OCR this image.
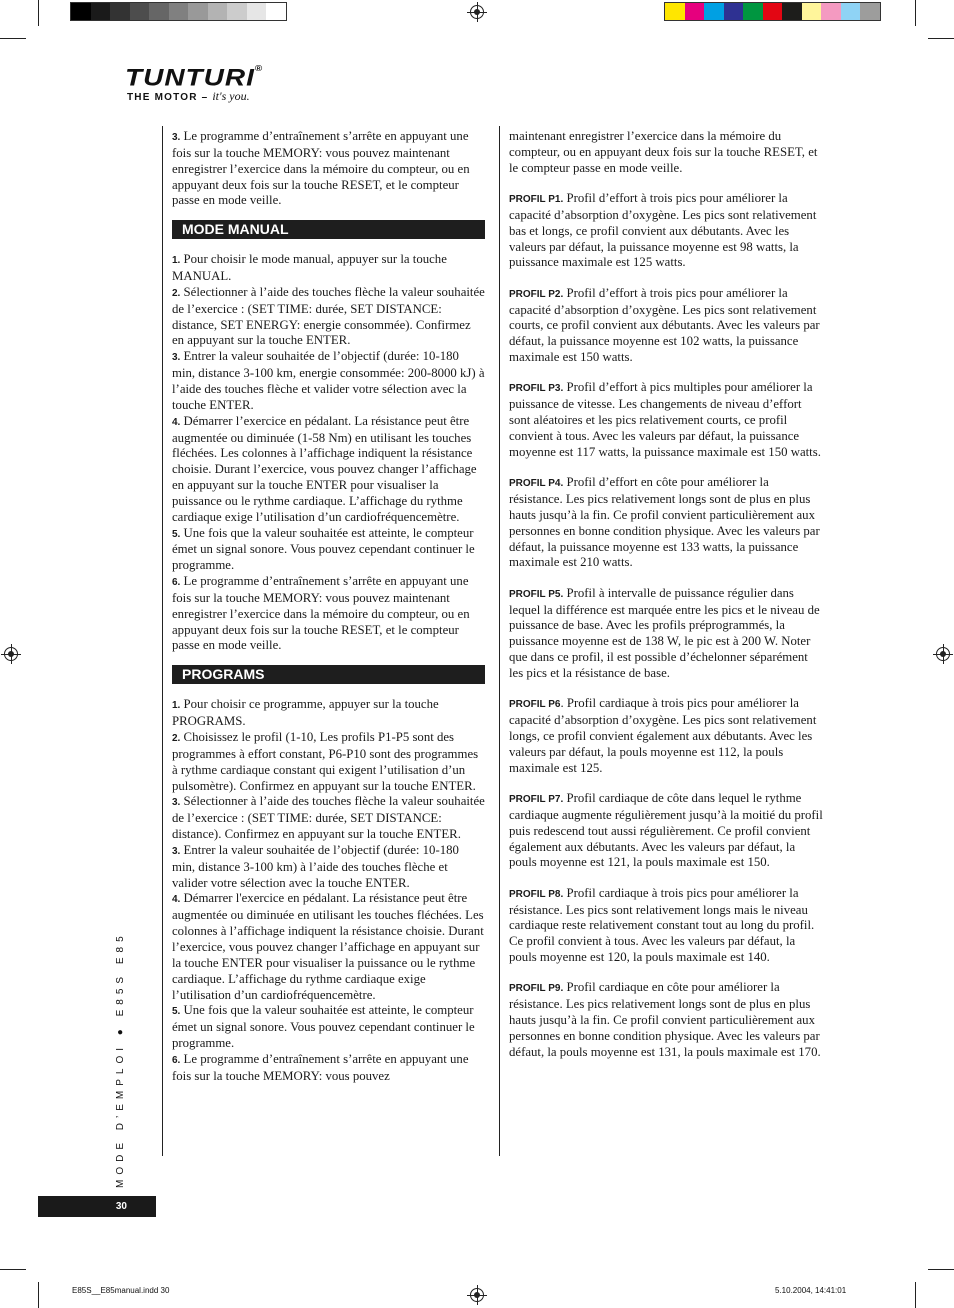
TUNTURI®
THE MOTOR – it's you.

3. Le programme d’entraînement s’arrête en appuyant une fois sur la touche MEMORY: vous pouvez maintenant enregistrer l’exercice dans la mémoire du compteur, ou en appuyant deux fois sur la touche RESET, et le compteur passe en mode veille.

MODE MANUAL

1. Pour choisir le mode manual, appuyer sur la touche MANUAL.

2. Sélectionner à l’aide des touches flèche la valeur souhaitée de l’exercice : (SET TIME: durée, SET DISTANCE: distance, SET ENERGY: energie consommée). Confirmez en appuyant sur la touche ENTER.

3. Entrer la valeur souhaitée de l’objectif (durée: 10-180 min, distance 3-100 km, energie consommée: 200-8000 kJ) à l’aide des touches flèche et valider votre sélection avec la touche ENTER.

4. Démarrer l’exercice en pédalant. La résistance peut être augmentée ou diminuée (1-58 Nm) en utilisant les touches fléchées. Les colonnes à l’affichage indiquent la résistance choisie. Durant l’exercice, vous pouvez changer l’affichage en appuyant sur la touche ENTER pour visualiser la puissance ou le rythme cardiaque. L’affichage du rythme cardiaque exige l’utilisation d’un cardiofréquencemètre.

5. Une fois que la valeur souhaitée est atteinte, le compteur émet un signal sonore. Vous pouvez cependant continuer le programme.

6. Le programme d’entraînement s’arrête en appuyant une fois sur la touche MEMORY: vous pouvez maintenant enregistrer l’exercice dans la mémoire du compteur, ou en appuyant deux fois sur la touche RESET, et le compteur passe en mode veille.

PROGRAMS

1. Pour choisir ce programme, appuyer sur la touche PROGRAMS.

2. Choisissez le profil (1-10, Les profils P1-P5 sont des programmes à effort constant, P6-P10 sont des programmes à rythme cardiaque constant qui exigent l’utilisation d’un pulsomètre). Confirmez en appuyant sur la touche ENTER.

3. Sélectionner à l’aide des touches flèche la valeur souhaitée de l’exercice : (SET TIME: durée, SET DISTANCE: distance). Confirmez en appuyant sur la touche ENTER.

3. Entrer la valeur souhaitée de l’objectif (durée: 10-180 min, distance 3-100 km) à l’aide des touches flèche et valider votre sélection avec la touche ENTER.

4. Démarrer l'exercice en pédalant. La résistance peut être augmentée ou diminuée en utilisant les touches fléchées. Les colonnes à l’affichage indiquent la résistance choisie. Durant l’exercice, vous pouvez changer l’affichage en appuyant sur la touche ENTER pour visualiser la puissance ou le rythme cardiaque. L’affichage du rythme cardiaque exige l’utilisation d’un cardiofréquencemètre.

5. Une fois que la valeur souhaitée est atteinte, le compteur émet un signal sonore. Vous pouvez cependant continuer le programme.

6. Le programme d’entraînement s’arrête en appuyant une fois sur la touche MEMORY: vous pouvez

maintenant enregistrer l’exercice dans la mémoire du compteur, ou en appuyant deux fois sur la touche RESET, et le compteur passe en mode veille.

PROFIL P1. Profil d’effort à trois pics pour améliorer la capacité d’absorption d’oxygène. Les pics sont relativement bas et longs, ce profil convient aux débutants. Avec les valeurs par défaut, la puissance moyenne est 98 watts, la puissance maximale est 125 watts.

PROFIL P2. Profil d’effort à trois pics pour améliorer la capacité d’absorption d’oxygène. Les pics sont relativement courts, ce profil convient aux débutants. Avec les valeurs par défaut, la puissance moyenne est 102 watts, la puissance maximale est 150 watts.

PROFIL P3. Profil d’effort à pics multiples pour améliorer la puissance de vitesse. Les changements de niveau d’effort sont aléatoires et les pics relativement courts, ce profil convient à tous. Avec les valeurs par défaut, la puissance moyenne est 117 watts, la puissance maximale est 150 watts.

PROFIL P4. Profil d’effort en côte pour améliorer la résistance. Les pics relativement longs sont de plus en plus hauts jusqu’à la fin. Ce profil convient particulièrement aux personnes en bonne condition physique. Avec les valeurs par défaut, la puissance moyenne est 133 watts, la puissance maximale est 210 watts.

PROFIL P5. Profil à intervalle de puissance régulier dans lequel la différence est marquée entre les pics et le niveau de puissance de base. Avec les profils préprogrammés, la puissance moyenne est de 138 W, le pic est à 200 W. Noter que dans ce profil, il est possible d’échelonner séparément les pics et la résistance de base.

PROFIL P6. Profil cardiaque à trois pics pour améliorer la capacité d’absorption d’oxygène. Les pics sont relativement longs, ce profil convient également aux débutants. Avec les valeurs par défaut, la pouls moyenne est 112, la pouls maximale est 125.

PROFIL P7. Profil cardiaque de côte dans lequel le rythme cardiaque augmente régulièrement jusqu’à la moitié du profil puis redescend tout aussi régulièrement. Ce profil convient également aux débutants. Avec les valeurs par défaut, la pouls moyenne est 121, la pouls maximale est 150.

PROFIL P8. Profil cardiaque à trois pics pour améliorer la résistance. Les pics sont relativement longs mais le niveau cardiaque reste relativement constant tout au long du profil. Ce profil convient à tous. Avec les valeurs par défaut, la pouls moyenne est 120, la pouls maximale est 140.

PROFIL P9. Profil cardiaque en côte pour améliorer la résistance. Les pics relativement longs sont de plus en plus hauts jusqu’à la fin. Ce profil convient particulièrement aux personnes en bonne condition physique. Avec les valeurs par défaut, la pouls moyenne est 131, la pouls maximale est 170.

MODE D’EMPLOI ● E85S E85
30
E85S__E85manual.indd 30	5.10.2004, 14:41:01
